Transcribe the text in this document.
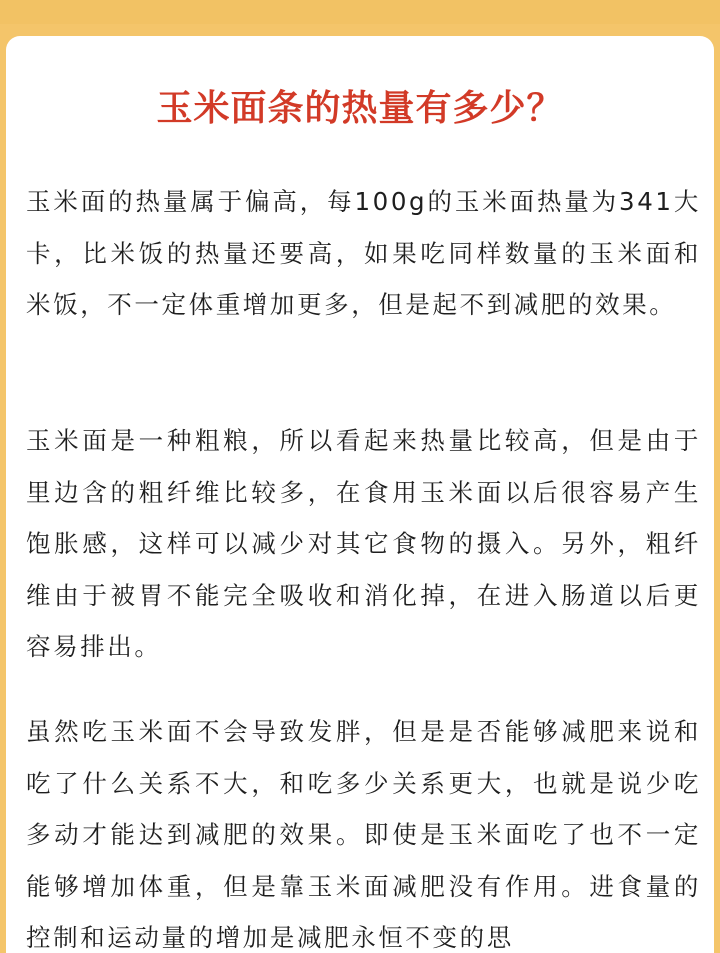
玉米面条的热量有多少？
玉米面的热量属于偏高，每100g的玉米面热量为341大卡，比米饭的热量还要高，如果吃同样数量的玉米面和米饭，不一定体重增加更多，但是起不到减肥的效果。
玉米面是一种粗粮，所以看起来热量比较高，但是由于里边含的粗纤维比较多，在食用玉米面以后很容易产生饱胀感，这样可以减少对其它食物的摄入。另外，粗纤维由于被胃不能完全吸收和消化掉，在进入肠道以后更容易排出。
虽然吃玉米面不会导致发胖，但是是否能够减肥来说和吃了什么关系不大，和吃多少关系更大，也就是说少吃多动才能达到减肥的效果。即使是玉米面吃了也不一定能够增加体重，但是靠玉米面减肥没有作用。进食量的控制和运动量的增加是减肥永恒不变的思
